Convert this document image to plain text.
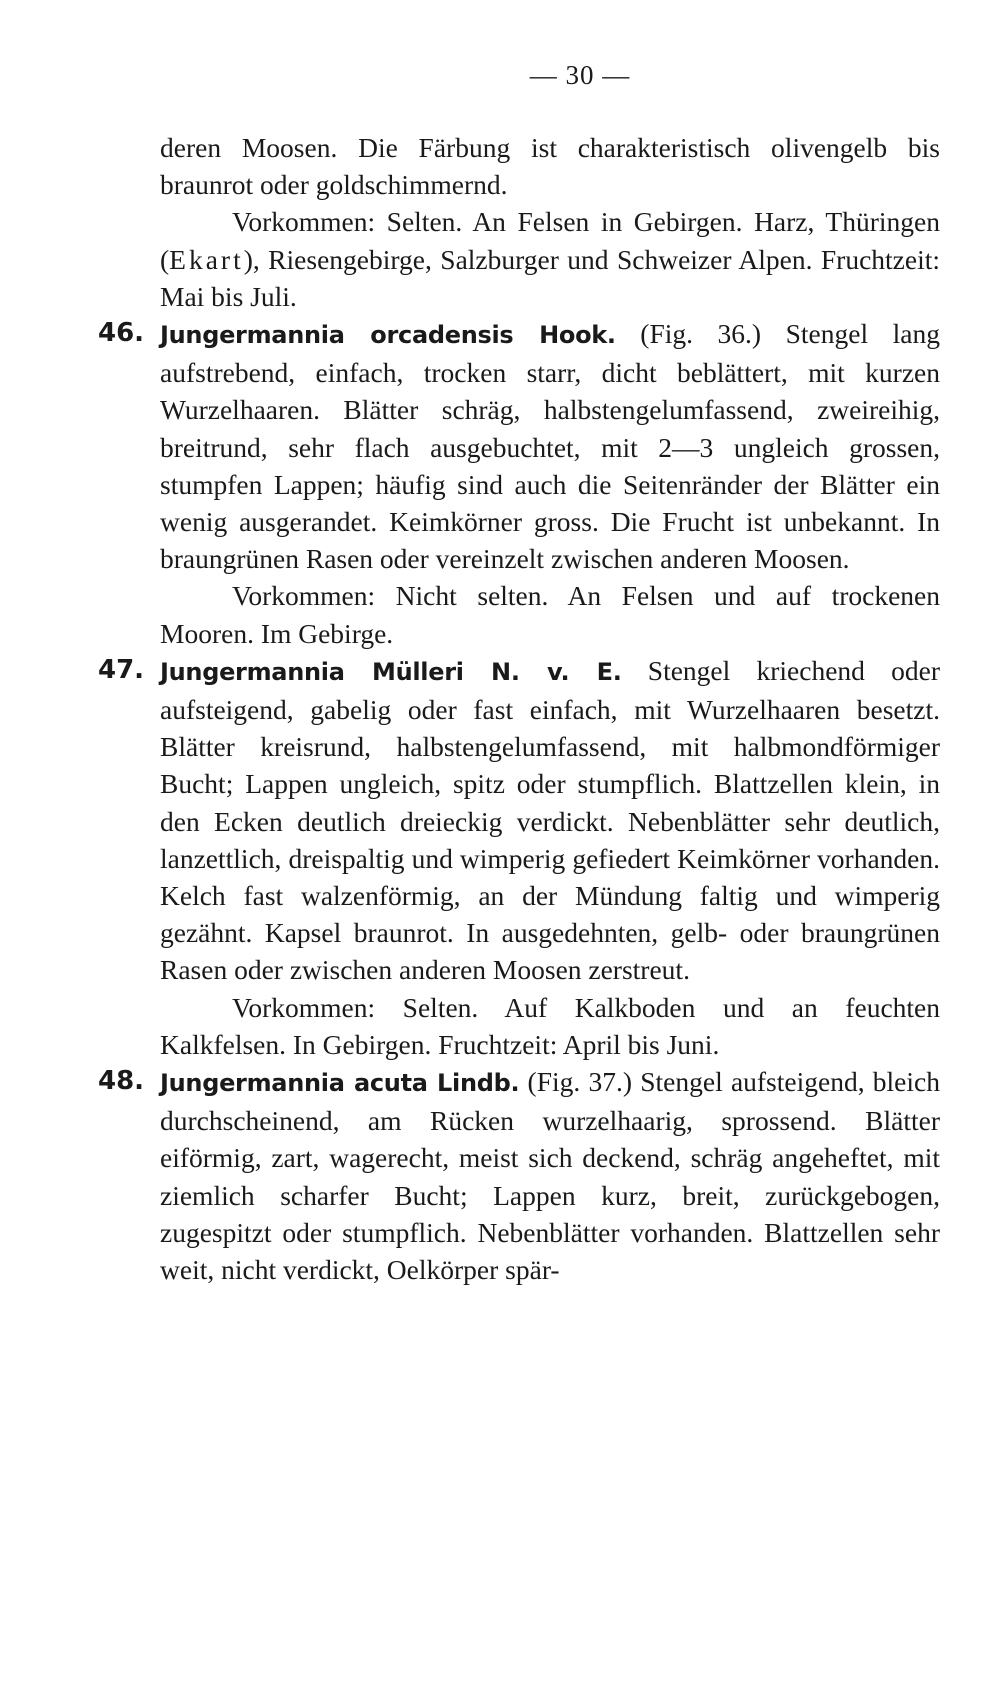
— 30 —

deren Moosen. Die Färbung ist charakteristisch olivengelb bis braunrot oder goldschimmernd.

Vorkommen: Selten. An Felsen in Gebirgen. Harz, Thüringen (Ekart), Riesengebirge, Salzburger und Schweizer Alpen. Fruchtzeit: Mai bis Juli.

46. Jungermannia orcadensis Hook. (Fig. 36.) Stengel lang aufstrebend, einfach, trocken starr, dicht beblättert, mit kurzen Wurzelhaaren. Blätter schräg, halbstengelumfassend, zweireihig, breitrund, sehr flach ausgebuchtet, mit 2—3 ungleich grossen, stumpfen Lappen; häufig sind auch die Seitenränder der Blätter ein wenig ausgerandet. Keimkörner gross. Die Frucht ist unbekannt. In braungrünen Rasen oder vereinzelt zwischen anderen Moosen.

Vorkommen: Nicht selten. An Felsen und auf trockenen Mooren. Im Gebirge.

47. Jungermannia Mülleri N. v. E. Stengel kriechend oder aufsteigend, gabelig oder fast einfach, mit Wurzelhaaren besetzt. Blätter kreisrund, halbstengelumfassend, mit halbmondförmiger Bucht; Lappen ungleich, spitz oder stumpflich. Blattzellen klein, in den Ecken deutlich dreieckig verdickt. Nebenblätter sehr deutlich, lanzettlich, dreispaltig und wimperig gefiedert Keimkörner vorhanden. Kelch fast walzenförmig, an der Mündung faltig und wimperig gezähnt. Kapsel braunrot. In ausgedehnten, gelb- oder braungrünen Rasen oder zwischen anderen Moosen zerstreut.

Vorkommen: Selten. Auf Kalkboden und an feuchten Kalkfelsen. In Gebirgen. Fruchtzeit: April bis Juni.

48. Jungermannia acuta Lindb. (Fig. 37.) Stengel aufsteigend, bleich durchscheinend, am Rücken wurzelhaarig, sprossend. Blätter eiförmig, zart, wagerecht, meist sich deckend, schräg angeheftet, mit ziemlich scharfer Bucht; Lappen kurz, breit, zurückgebogen, zugespitzt oder stumpflich. Nebenblätter vorhanden. Blattzellen sehr weit, nicht verdickt, Oelkörper spär-
